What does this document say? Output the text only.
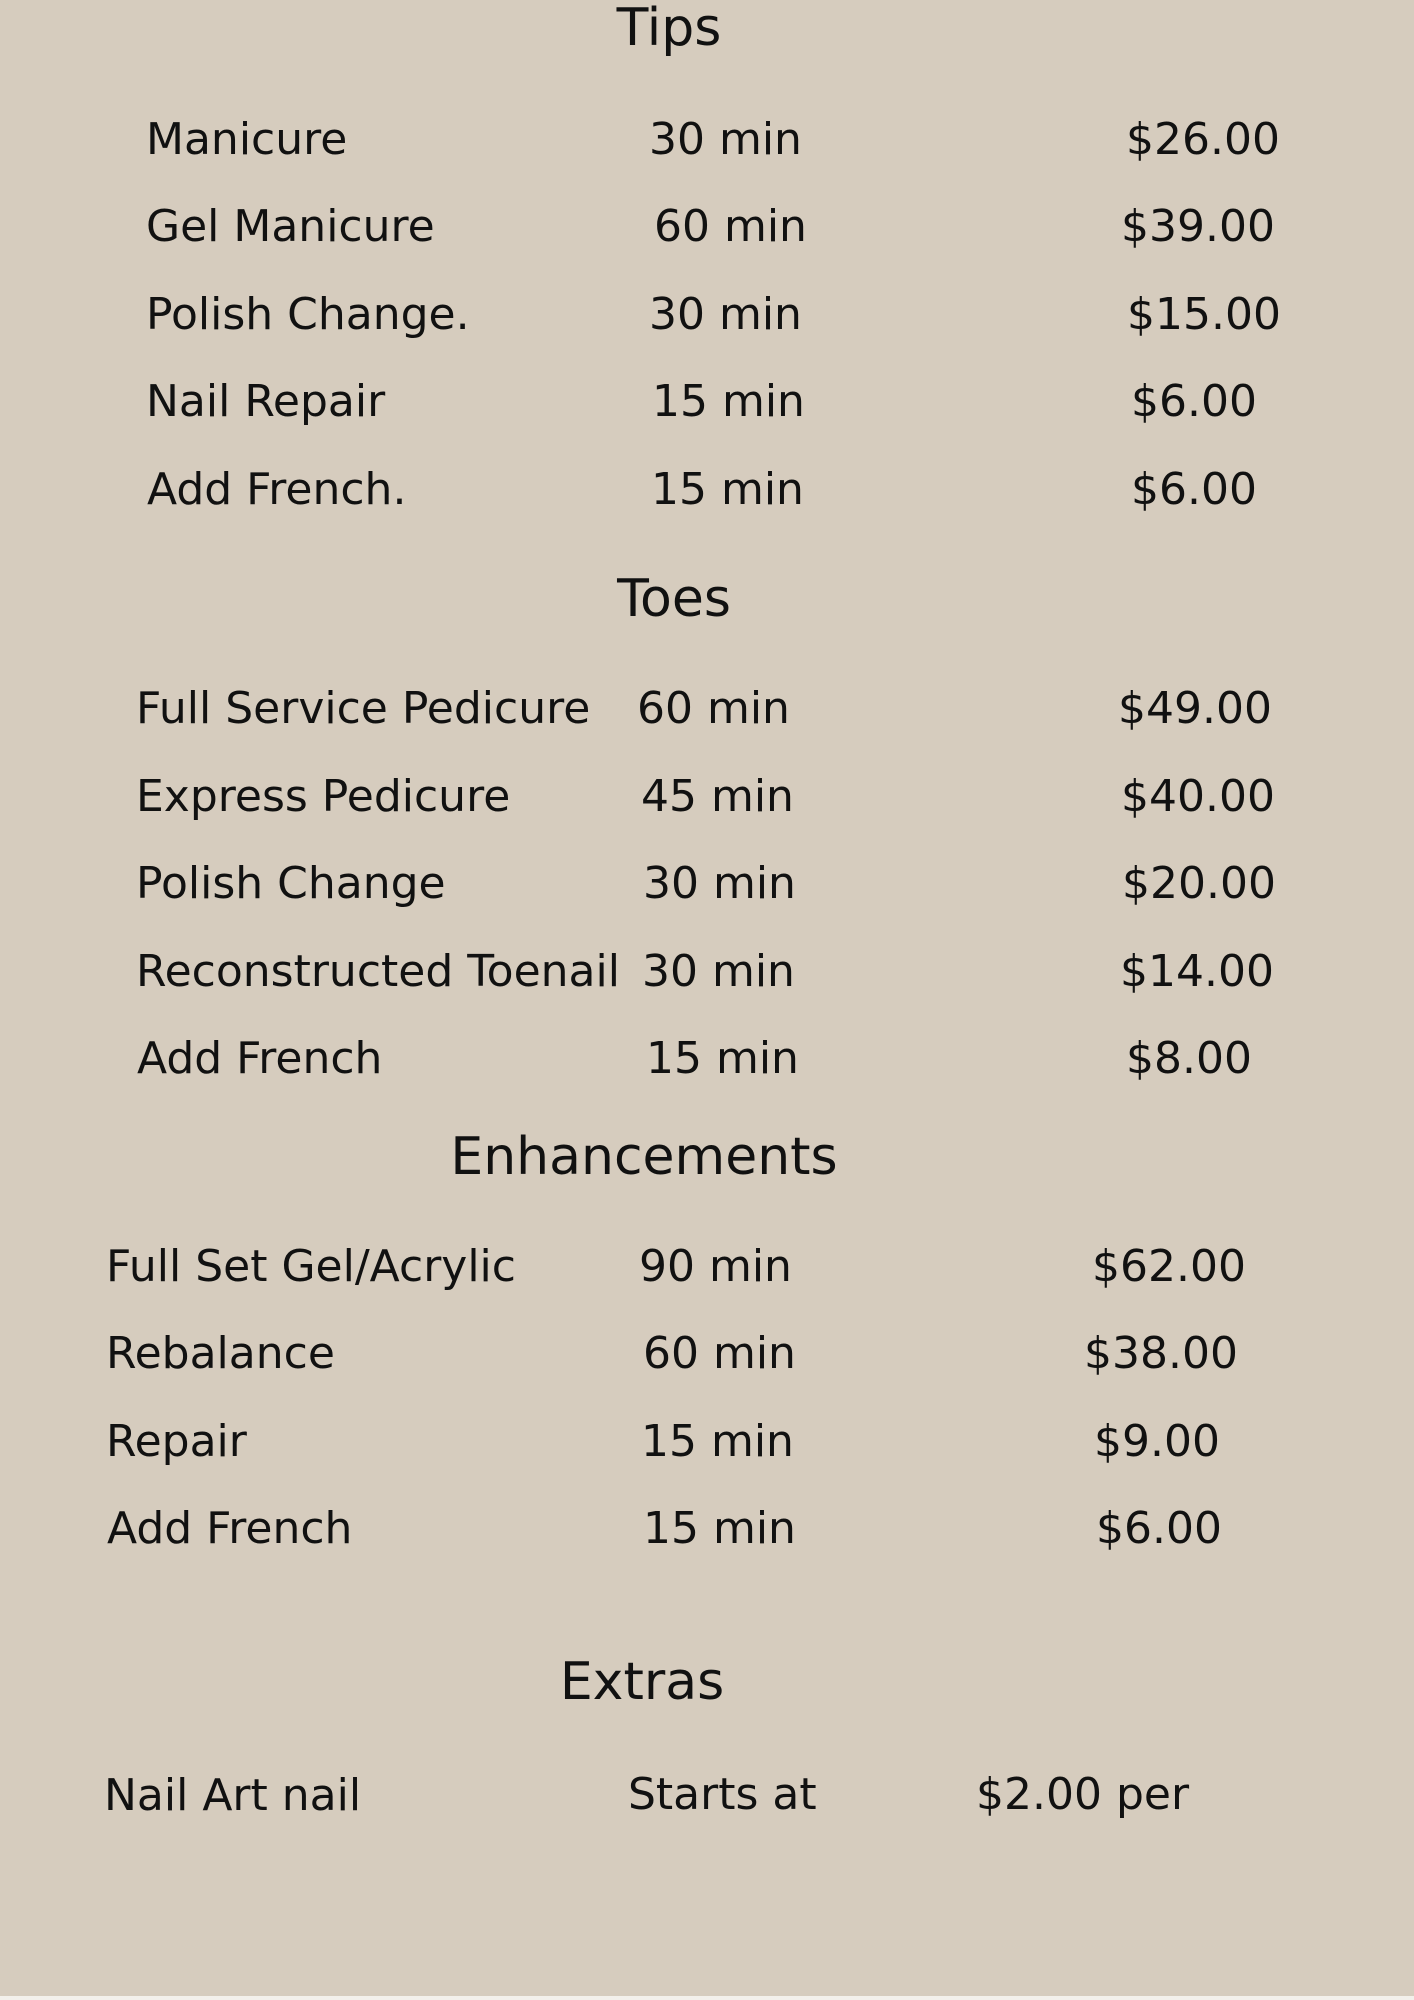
Tips
Manicure	30 min	$26.00
Gel Manicure	60 min	$39.00
Polish Change.	30 min	$15.00
Nail Repair	15 min	$6.00
Add French.	15 min	$6.00
Toes
Full Service Pedicure 60 min	$49.00
Express Pedicure	45 min	$40.00
Polish Change	30 min	$20.00
Reconstructed Toenail 30 min	$14.00
Add French	15 min	$8.00
Enhancements
Full Set Gel/Acrylic	90 min	$62.00
Rebalance	60 min	$38.00
Repair	15 min	$9.00
Add French	15 min	$6.00
Extras
Nail Art nail	Starts at	$2.00 per
